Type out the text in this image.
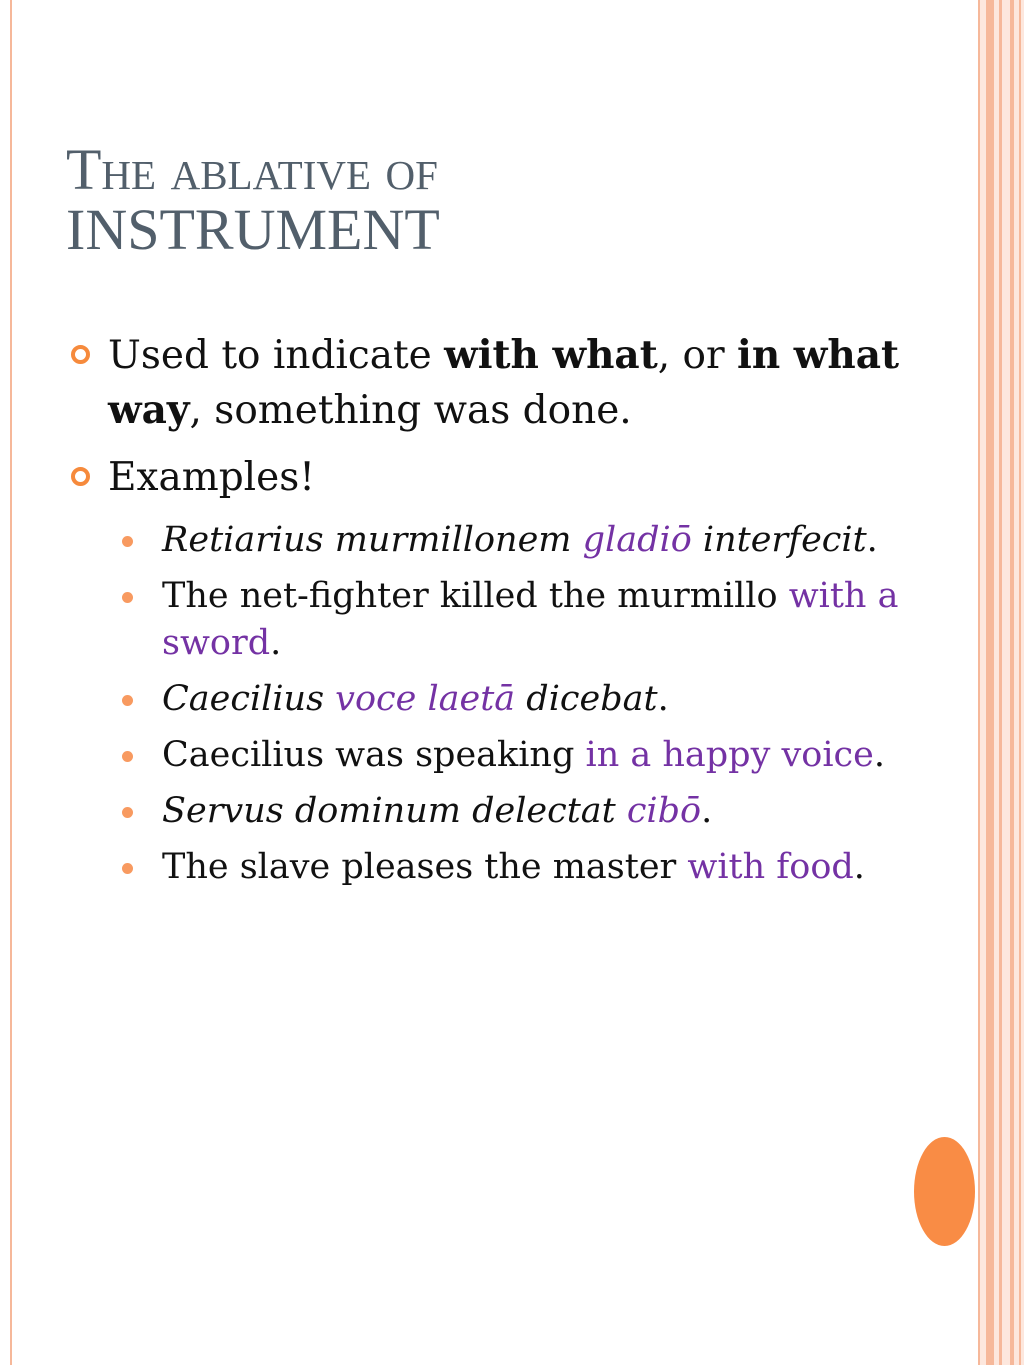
The ablative of
INSTRUMENT
Used to indicate with what, or in what way, something was done.
Examples!
Retiarius murmillonem gladiō interfecit.
The net-fighter killed the murmillo with a sword.
Caecilius voce laetā dicebat.
Caecilius was speaking in a happy voice.
Servus dominum delectat cibō.
The slave pleases the master with food.
